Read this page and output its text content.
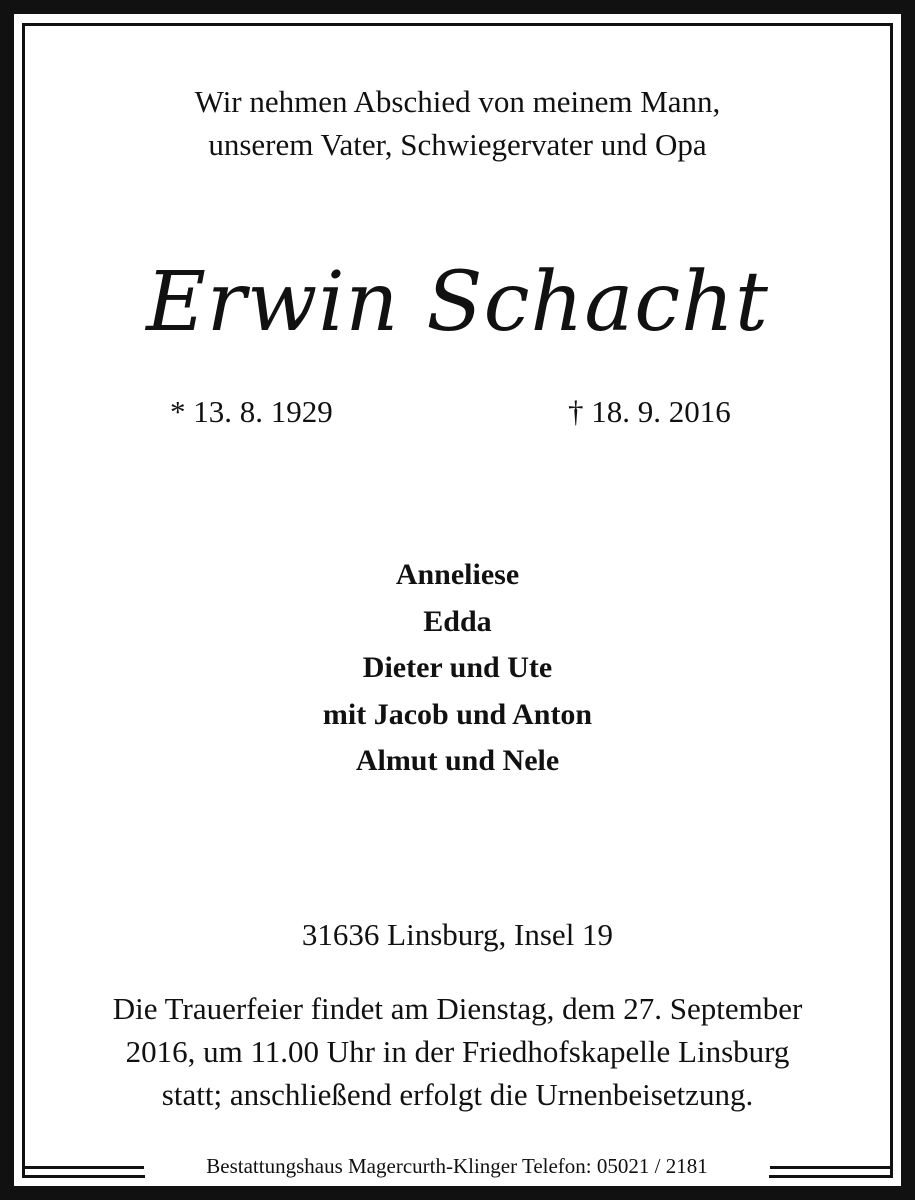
Wir nehmen Abschied von meinem Mann,
unserem Vater, Schwiegervater und Opa
Erwin Schacht
* 13. 8. 1929	† 18. 9. 2016
Anneliese
Edda
Dieter und Ute
mit Jacob und Anton
Almut und Nele
31636 Linsburg, Insel 19
Die Trauerfeier findet am Dienstag, dem 27. September
2016, um 11.00 Uhr in der Friedhofskapelle Linsburg
statt; anschließend erfolgt die Urnenbeisetzung.
Bestattungshaus Magercurth-Klinger Telefon: 05021 / 2181
